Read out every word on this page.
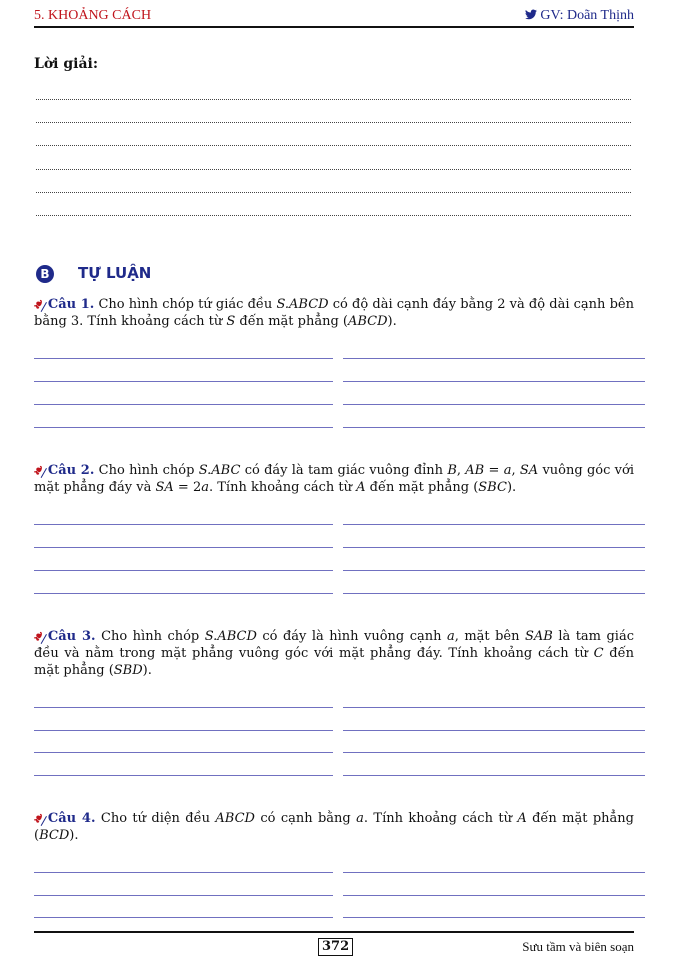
5. KHOẢNG CÁCH	GV: Doãn Thịnh
Lời giải:
B TỰ LUẬN
❧Câu 1. Cho hình chóp tứ giác đều S.ABCD có độ dài cạnh đáy bằng 2 và độ dài cạnh bên bằng 3. Tính khoảng cách từ S đến mặt phẳng (ABCD).
❧Câu 2. Cho hình chóp S.ABC có đáy là tam giác vuông đỉnh B, AB = a, SA vuông góc với mặt phẳng đáy và SA = 2a. Tính khoảng cách từ A đến mặt phẳng (SBC).
❧Câu 3. Cho hình chóp S.ABCD có đáy là hình vuông cạnh a, mặt bên SAB là tam giác đều và nằm trong mặt phẳng vuông góc với mặt phẳng đáy. Tính khoảng cách từ C đến mặt phẳng (SBD).
❧Câu 4. Cho tứ diện đều ABCD có cạnh bằng a. Tính khoảng cách từ A đến mặt phẳng (BCD).
372	Sưu tầm và biên soạn
